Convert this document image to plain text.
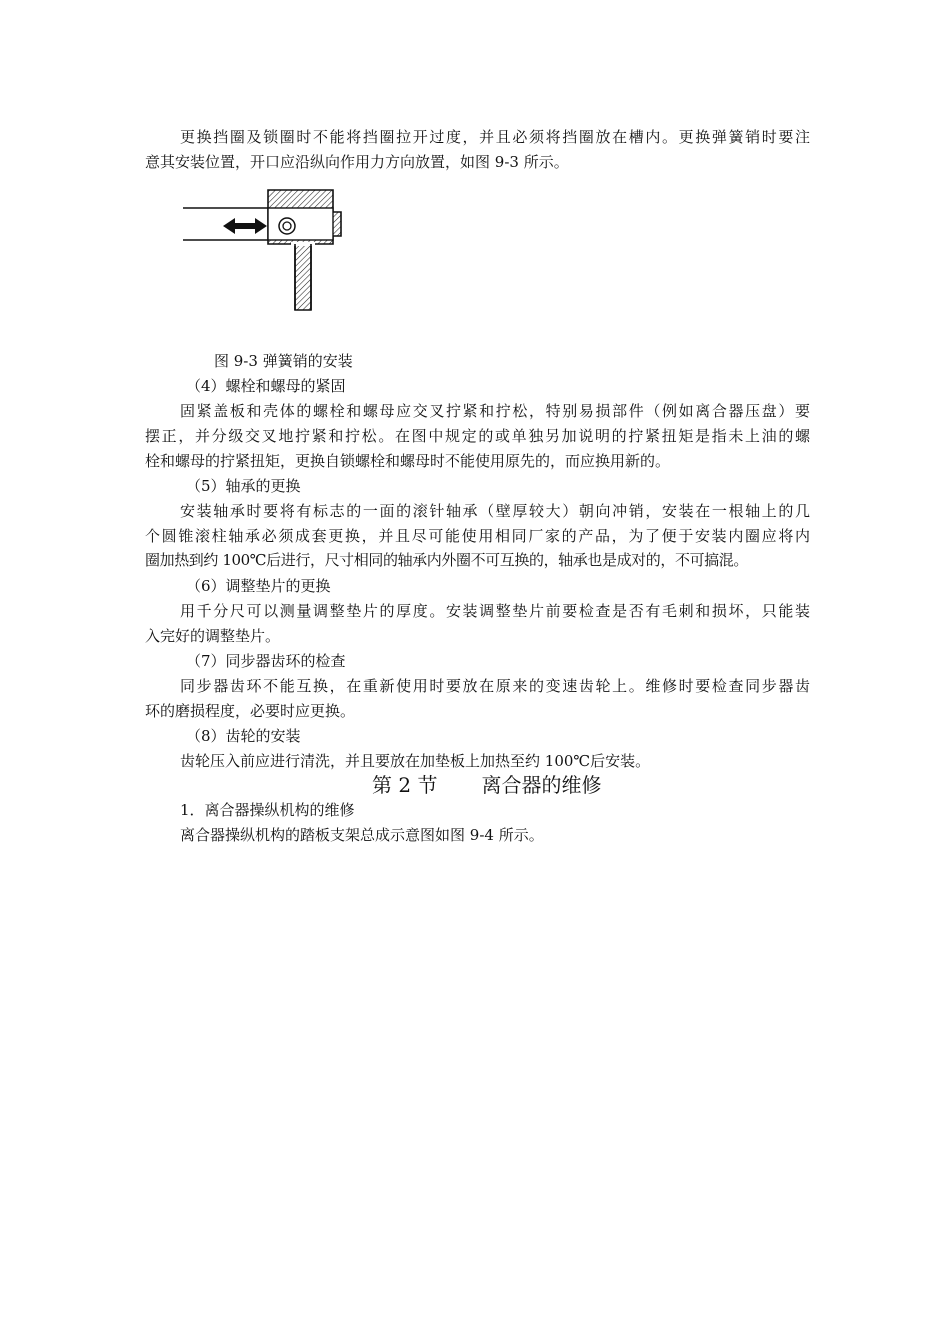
更换挡圈及锁圈时不能将挡圈拉开过度，并且必须将挡圈放在槽内。更换弹簧销时要注
意其安装位置，开口应沿纵向作用力方向放置，如图 9-3 所示。
图 9-3 弹簧销的安装
（4）螺栓和螺母的紧固
固紧盖板和壳体的螺栓和螺母应交叉拧紧和拧松，特别易损部件（例如离合器压盘）要
摆正，并分级交叉地拧紧和拧松。在图中规定的或单独另加说明的拧紧扭矩是指未上油的螺
栓和螺母的拧紧扭矩，更换自锁螺栓和螺母时不能使用原先的，而应换用新的。
（5）轴承的更换
安装轴承时要将有标志的一面的滚针轴承（壁厚较大）朝向冲销，安装在一根轴上的几
个圆锥滚柱轴承必须成套更换，并且尽可能使用相同厂家的产品，为了便于安装内圈应将内
圈加热到约 100℃后进行，尺寸相同的轴承内外圈不可互换的，轴承也是成对的，不可搞混。
（6）调整垫片的更换
用千分尺可以测量调整垫片的厚度。安装调整垫片前要检查是否有毛刺和损坏，只能装
入完好的调整垫片。
（7）同步器齿环的检查
同步器齿环不能互换，在重新使用时要放在原来的变速齿轮上。维修时要检查同步器齿
环的磨损程度，必要时应更换。
（8）齿轮的安装
齿轮压入前应进行清洗，并且要放在加垫板上加热至约 100℃后安装。
第 2 节 离合器的维修
1．离合器操纵机构的维修
离合器操纵机构的踏板支架总成示意图如图 9-4 所示。
